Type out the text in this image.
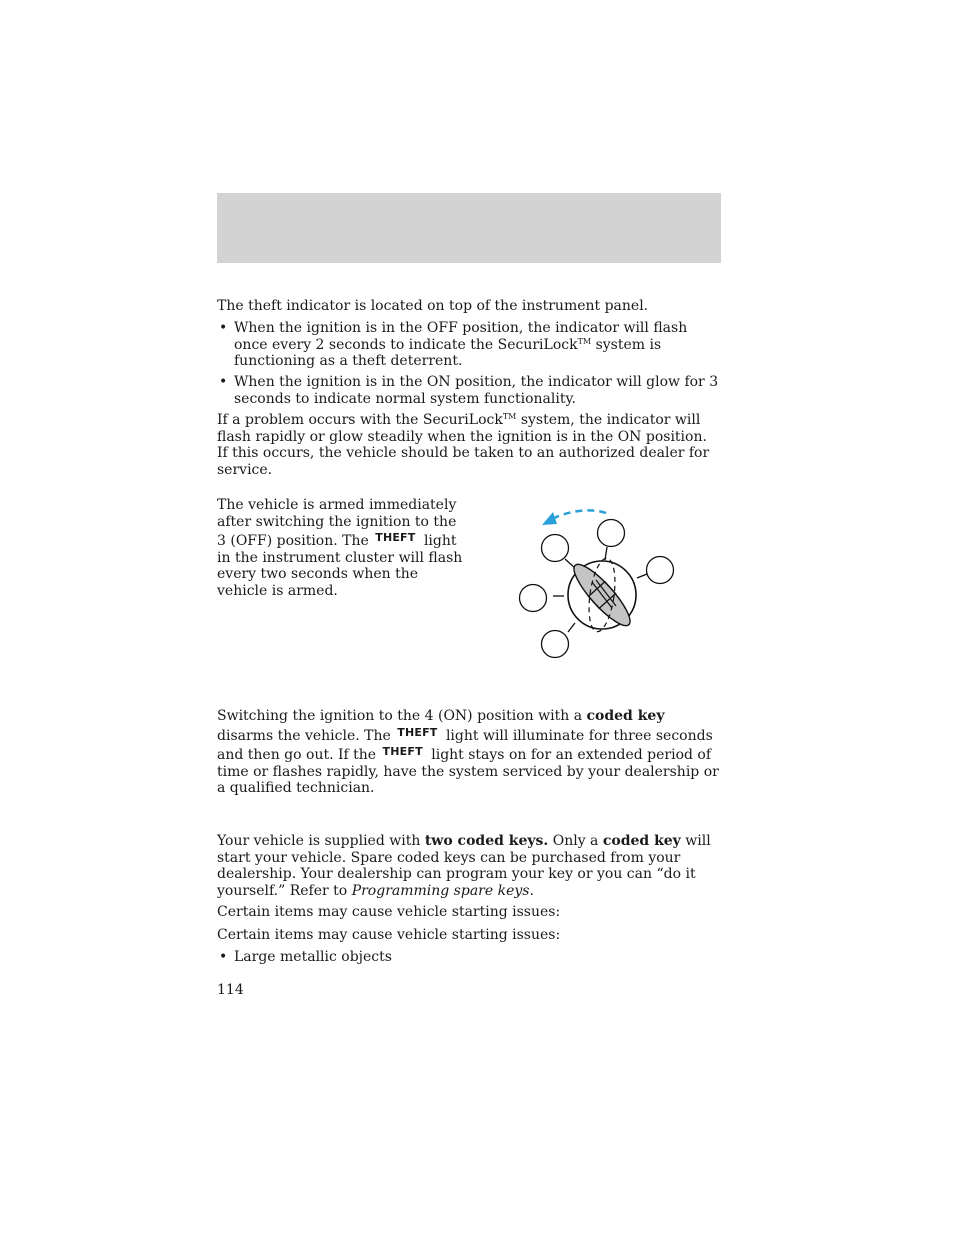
The theft indicator is located on top of the instrument panel.

• When the ignition is in the OFF position, the indicator will flash once every 2 seconds to indicate the SecuriLock™ system is functioning as a theft deterrent.
• When the ignition is in the ON position, the indicator will glow for 3 seconds to indicate normal system functionality.

If a problem occurs with the SecuriLock™ system, the indicator will flash rapidly or glow steadily when the ignition is in the ON position. If this occurs, the vehicle should be taken to an authorized dealer for service.

The vehicle is armed immediately after switching the ignition to the 3 (OFF) position. The $^{THEFT}$ light in the instrument cluster will flash every two seconds when the vehicle is armed.

Switching the ignition to the 4 (ON) position with a coded key disarms the vehicle. The $^{THEFT}$ light will illuminate for three seconds and then go out. If the $^{THEFT}$ light stays on for an extended period of time or flashes rapidly, have the system serviced by your dealership or a qualified technician.

Your vehicle is supplied with two coded keys. Only a coded key will start your vehicle. Spare coded keys can be purchased from your dealership. Your dealership can program your key or you can “do it yourself.” Refer to Programming spare keys.

Certain items may cause vehicle starting issues:

Certain items may cause vehicle starting issues:

• Large metallic objects
114
